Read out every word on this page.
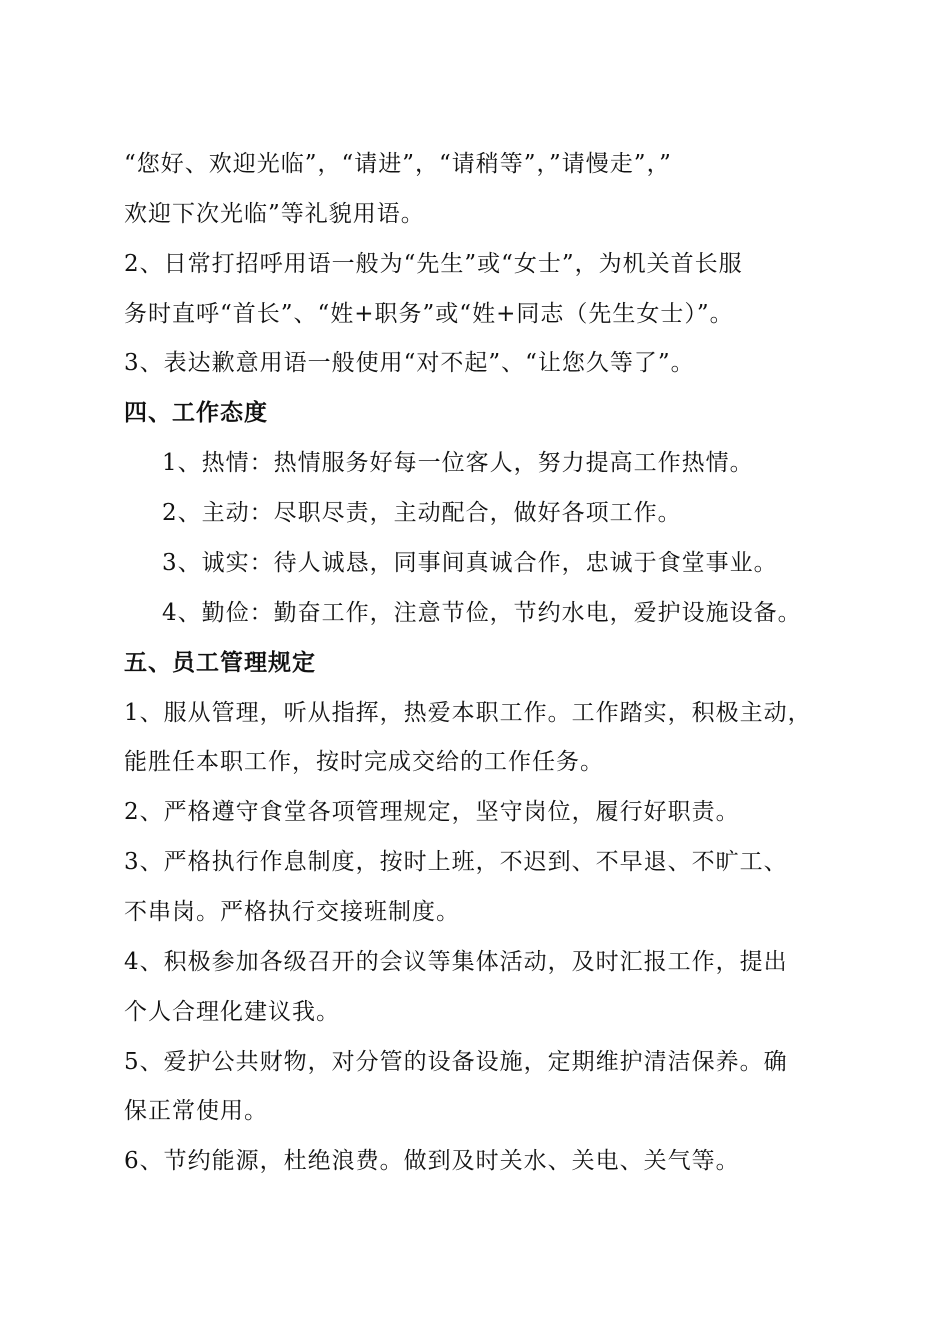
“您好、欢迎光临”，“请进”，“请稍等”，”请慢走”，”
欢迎下次光临”等礼貌用语。
2、日常打招呼用语一般为“先生”或“女士”，为机关首长服
务时直呼“首长”、“姓+职务”或“姓+同志（先生女士）”。
3、表达歉意用语一般使用“对不起”、“让您久等了”。
四、工作态度
1、热情：热情服务好每一位客人，努力提高工作热情。
2、主动：尽职尽责，主动配合，做好各项工作。
3、诚实：待人诚恳，同事间真诚合作，忠诚于食堂事业。
4、勤俭：勤奋工作，注意节俭，节约水电，爱护设施设备。
五、员工管理规定
1、服从管理，听从指挥，热爱本职工作。工作踏实，积极主动，
能胜任本职工作，按时完成交给的工作任务。
2、严格遵守食堂各项管理规定，坚守岗位，履行好职责。
3、严格执行作息制度，按时上班，不迟到、不早退、不旷工、
不串岗。严格执行交接班制度。
4、积极参加各级召开的会议等集体活动，及时汇报工作，提出
个人合理化建议我。
5、爱护公共财物，对分管的设备设施，定期维护清洁保养。确
保正常使用。
6、节约能源，杜绝浪费。做到及时关水、关电、关气等。
